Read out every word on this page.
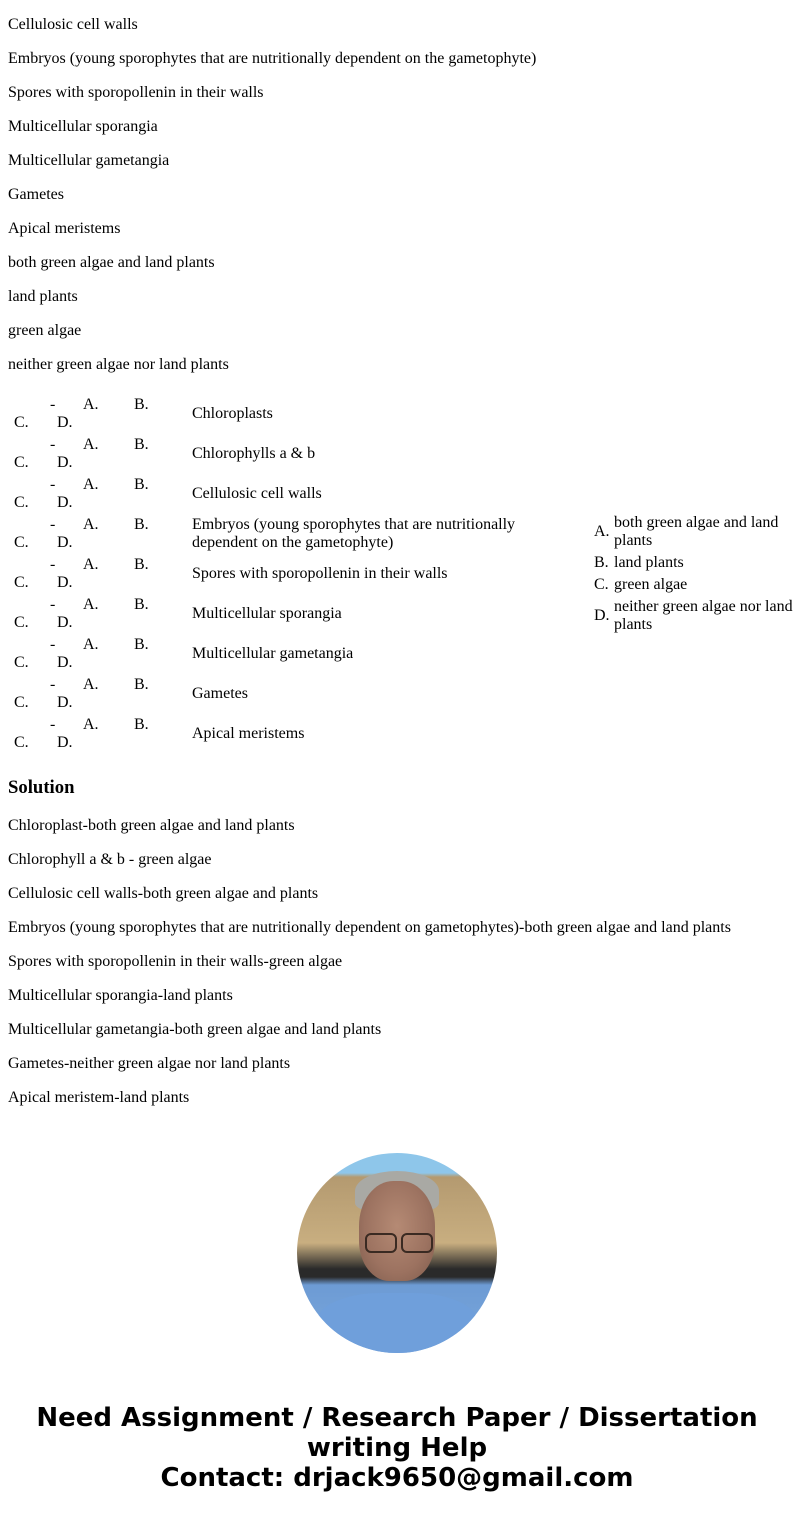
Cellulosic cell walls

Embryos (young sporophytes that are nutritionally dependent on the gametophyte)

Spores with sporopollenin in their walls

Multicellular sporangia

Multicellular gametangia

Gametes

Apical meristems

both green algae and land plants

land plants

green algae

neither green algae nor land plants

- A. B.
C. D.
Chloroplasts
- A. B.
C. D.
Chlorophylls a & b
- A. B.
C. D.
Cellulosic cell walls
- A. B.
C. D.
Embryos (young sporophytes that are nutritionally dependent on the gametophyte)
- A. B.
C. D.
Spores with sporopollenin in their walls
- A. B.
C. D.
Multicellular sporangia
- A. B.
C. D.
Multicellular gametangia
- A. B.
C. D.
Gametes
- A. B.
C. D.
Apical meristems
A.
both green algae and land plants
B. land plants
C. green algae
D.
neither green algae nor land plants
Solution

Chloroplast-both green algae and land plants

Chlorophyll a & b - green algae

Cellulosic cell walls-both green algae and plants

Embryos (young sporophytes that are nutritionally dependent on gametophytes)-both green algae and land plants

Spores with sporopollenin in their walls-green algae

Multicellular sporangia-land plants

Multicellular gametangia-both green algae and land plants

Gametes-neither green algae nor land plants

Apical meristem-land plants

Need Assignment / Research Paper / Dissertation
writing Help
Contact: drjack9650@gmail.com
